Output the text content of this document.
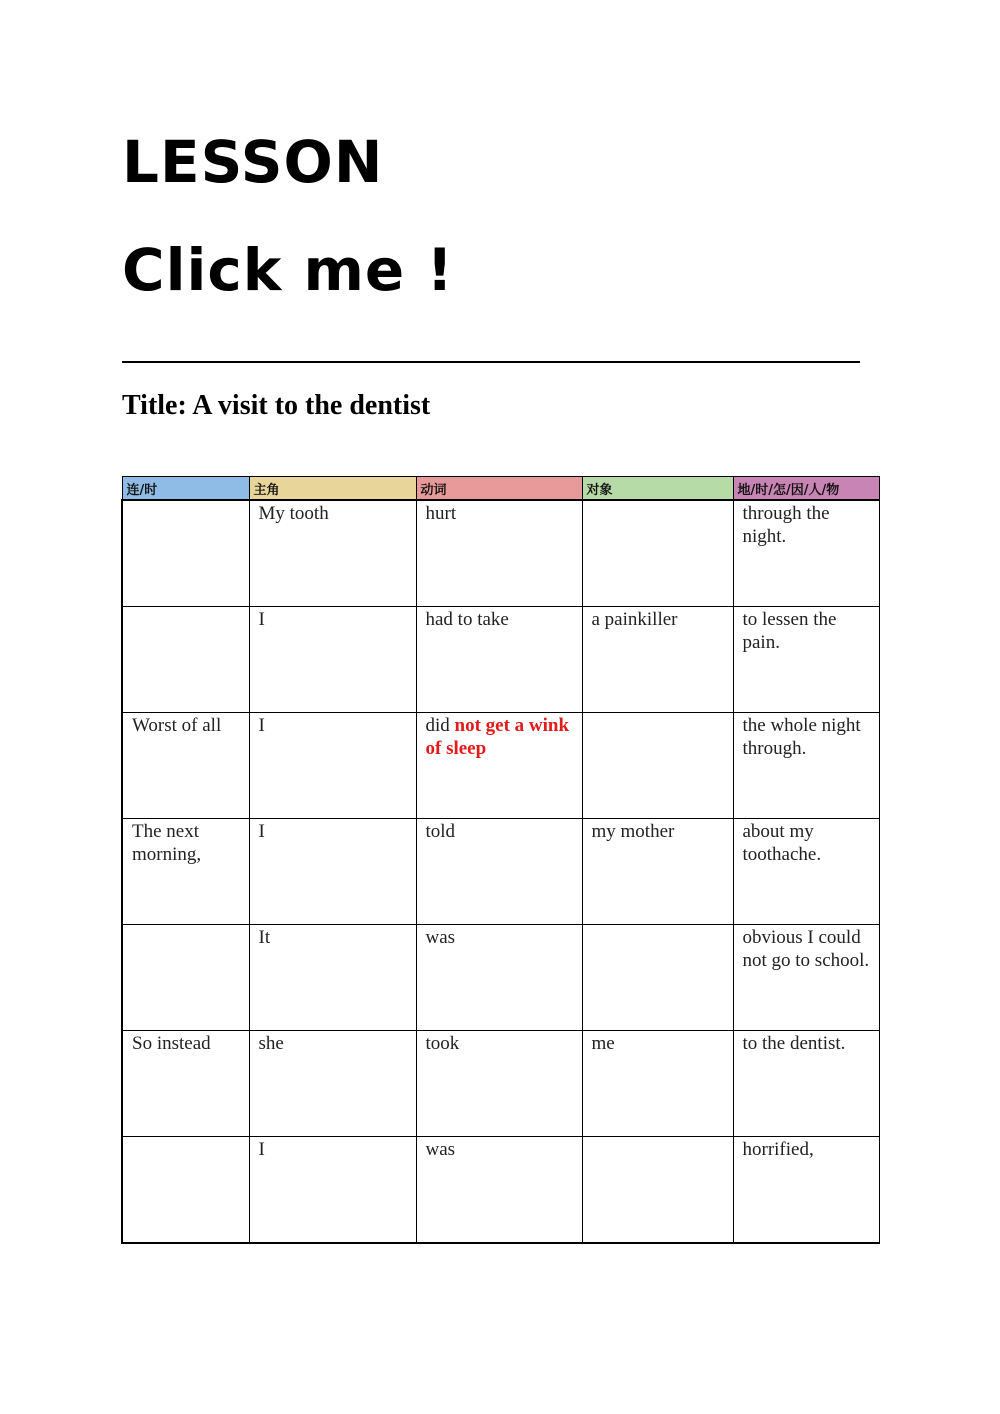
LESSON
Click me !
Title: A visit to the dentist
连/时	主角	动词	对象	地/时/怎/因/人/物
	My tooth	hurt		through the night.
	I	had to take	a painkiller	to lessen the pain.
Worst of all	I	did not get a wink of sleep		the whole night through.
The next morning,	I	told	my mother	about my toothache.
	It	was		obvious I could not go to school.
So instead	she	took	me	to the dentist.
	I	was		horrified,
